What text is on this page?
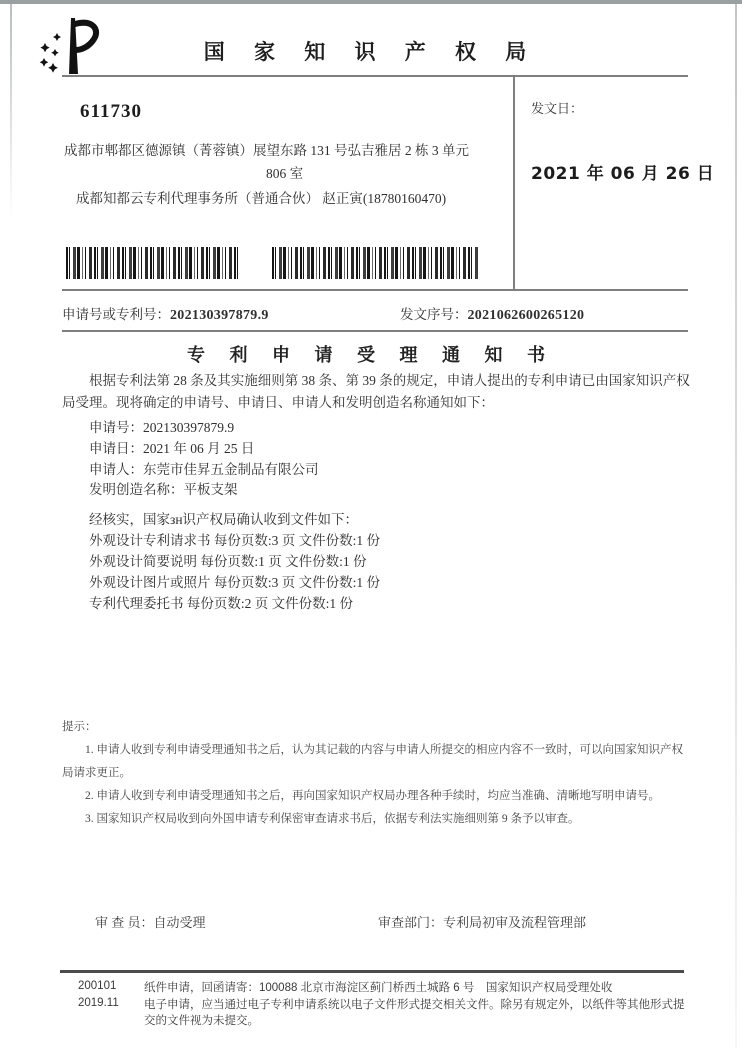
国 家 知 识 产 权 局
611730
成都市郫都区德源镇（菁蓉镇）展望东路 131 号弘吉雅居 2 栋 3 单元
806 室
成都知都云专利代理事务所（普通合伙） 赵正寅(18780160470)
发文日：
2021 年 06 月 26 日
申请号或专利号：202130397879.9	发文序号：2021062600265120
专 利 申 请 受 理 通 知 书

根据专利法第 28 条及其实施细则第 38 条、第 39 条的规定，申请人提出的专利申请已由国家知识产权局受理。现将确定的申请号、申请日、申请人和发明创造名称通知如下：

申请号：202130397879.9
申请日：2021 年 06 月 25 日
申请人：东莞市佳昇五金制品有限公司
发明创造名称：平板支架
经核实，国家зн识产权局确认收到文件如下：
外观设计专利请求书 每份页数:3 页 文件份数:1 份
外观设计简要说明 每份页数:1 页 文件份数:1 份
外观设计图片或照片 每份页数:3 页 文件份数:1 份
专利代理委托书 每份页数:2 页 文件份数:1 份
提示：

1. 申请人收到专利申请受理通知书之后，认为其记载的内容与申请人所提交的相应内容不一致时，可以向国家知识产权局请求更正。

2. 申请人收到专利申请受理通知书之后，再向国家知识产权局办理各种手续时，均应当准确、清晰地写明申请号。

3. 国家知识产权局收到向外国申请专利保密审查请求书后，依据专利法实施细则第 9 条予以审查。

审 查 员：自动受理	审查部门：专利局初审及流程管理部
200101	纸件申请，回函请寄：100088 北京市海淀区蓟门桥西土城路 6 号　国家知识产权局受理处收
2019.11	电子申请，应当通过电子专利申请系统以电子文件形式提交相关文件。除另有规定外，以纸件等其他形式提交的文件视为未提交。
